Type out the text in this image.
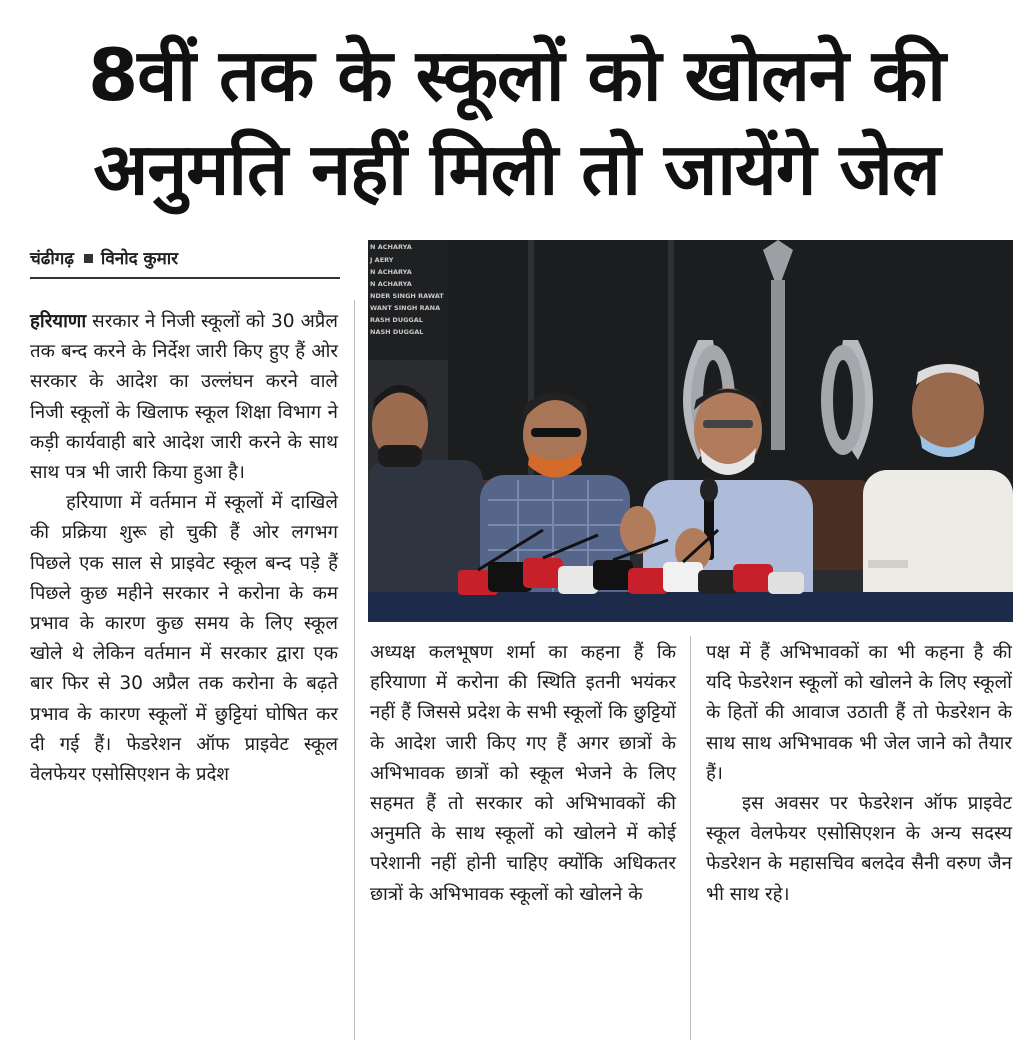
8वीं तक के स्कूलों को खोलने की
अनुमति नहीं मिली तो जायेंगे जेल
चंढीगढ़ विनोद कुमार

हरियाणा सरकार ने निजी स्कूलों को 30 अप्रैल तक बन्द करने के निर्देश जारी किए हुए हैं ओर सरकार के आदेश का उल्लंघन करने वाले निजी स्कूलों के खिलाफ स्कूल शिक्षा विभाग ने कड़ी कार्यवाही बारे आदेश जारी करने के साथ साथ पत्र भी जारी किया हुआ है।

हरियाणा में वर्तमान में स्कूलों में दाखिले की प्रक्रिया शुरू हो चुकी हैं ओर लगभग पिछले एक साल से प्राइवेट स्कूल बन्द पड़े हैं पिछले कुछ महीने सरकार ने करोना के कम प्रभाव के कारण कुछ समय के लिए स्कूल खोले थे लेकिन वर्तमान में सरकार द्वारा एक बार फिर से 30 अप्रैल तक करोना के बढ़ते प्रभाव के कारण स्कूलों में छुट्टियां घोषित कर दी गई हैं। फेडरेशन ऑफ प्राइवेट स्कूल वेलफेयर एसोसिएशन के प्रदेश

N ACHARYA
J AERY
N ACHARYA
N ACHARYA
NDER SINGH RAWAT
WANT SINGH RANA
RASH DUGGAL
NASH DUGGAL

अध्यक्ष कलभूषण शर्मा का कहना हैं कि हरियाणा में करोना की स्थिति इतनी भयंकर नहीं हैं जिससे प्रदेश के सभी स्कूलों कि छुट्टियों के आदेश जारी किए गए हैं अगर छात्रों के अभिभावक छात्रों को स्कूल भेजने के लिए सहमत हैं तो सरकार को अभिभावकों की अनुमति के साथ स्कूलों को खोलने में कोई परेशानी नहीं होनी चाहिए क्योंकि अधिकतर छात्रों के अभिभावक स्कूलों को खोलने के

पक्ष में हैं अभिभावकों का भी कहना है की यदि फेडरेशन स्कूलों को खोलने के लिए स्कूलों के हितों की आवाज उठाती हैं तो फेडरेशन के साथ साथ अभिभावक भी जेल जाने को तैयार हैं।

इस अवसर पर फेडरेशन ऑफ प्राइवेट स्कूल वेलफेयर एसोसिएशन के अन्य सदस्य फेडरेशन के महासचिव बलदेव सैनी वरुण जैन भी साथ रहे।
